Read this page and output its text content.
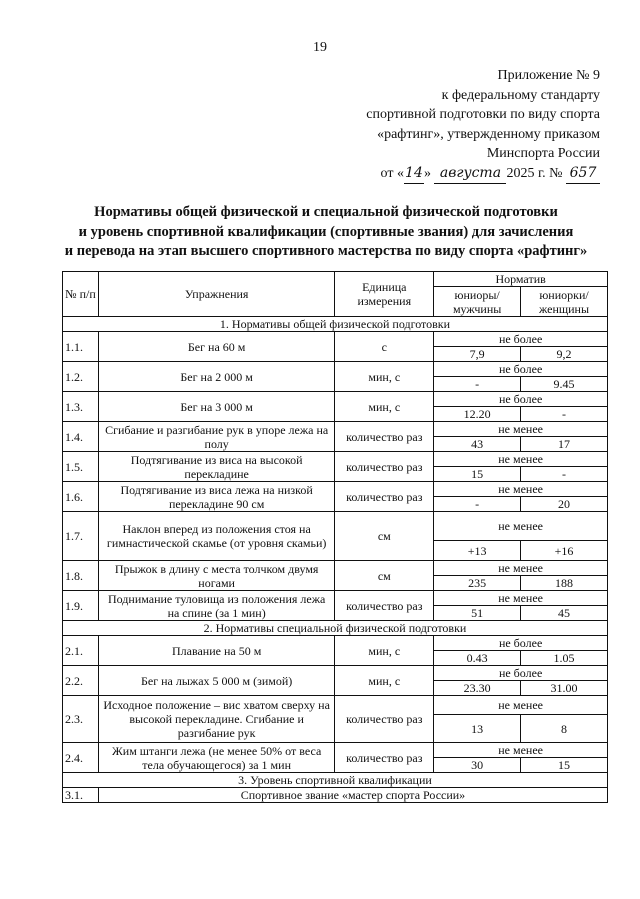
19
Приложение № 9
к федеральному стандарту
спортивной подготовки по виду спорта
«рафтинг», утвержденному приказом
Минспорта России
от «14» августа 2025 г. № 657
Нормативы общей физической и специальной физической подготовки
и уровень спортивной квалификации (спортивные звания) для зачисления
и перевода на этап высшего спортивного мастерства по виду спорта «рафтинг»
№ п/п	Упражнения	Единица измерения	Норматив	
			юниоры/ мужчины	юниорки/ женщины
1. Нормативы общей физической подготовки				
1.1.	Бег на 60 м	с	не более	
			7,9	9,2
1.2.	Бег на 2 000 м	мин, с	не более	
			-	9.45
1.3.	Бег на 3 000 м	мин, с	не более	
			12.20	-
1.4.	Сгибание и разгибание рук в упоре лежа на полу	количество раз	не менее	
			43	17
1.5.	Подтягивание из виса на высокой перекладине	количество раз	не менее	
			15	-
1.6.	Подтягивание из виса лежа на низкой перекладине 90 см	количество раз	не менее	
			-	20
1.7.	Наклон вперед из положения стоя на гимнастической скамье (от уровня скамьи)	см	не менее	
			+13	+16
1.8.	Прыжок в длину с места толчком двумя ногами	см	не менее	
			235	188
1.9.	Поднимание туловища из положения лежа на спине (за 1 мин)	количество раз	не менее	
			51	45
2. Нормативы специальной физической подготовки				
2.1.	Плавание на 50 м	мин, с	не более	
			0.43	1.05
2.2.	Бег на лыжах 5 000 м (зимой)	мин, с	не более	
			23.30	31.00
2.3.	Исходное положение – вис хватом сверху на высокой перекладине. Сгибание и разгибание рук	количество раз	не менее	
			13	8
2.4.	Жим штанги лежа (не менее 50% от веса тела обучающегося) за 1 мин	количество раз	не менее	
			30	15
3. Уровень спортивной квалификации				
3.1.	Спортивное звание «мастер спорта России»			
